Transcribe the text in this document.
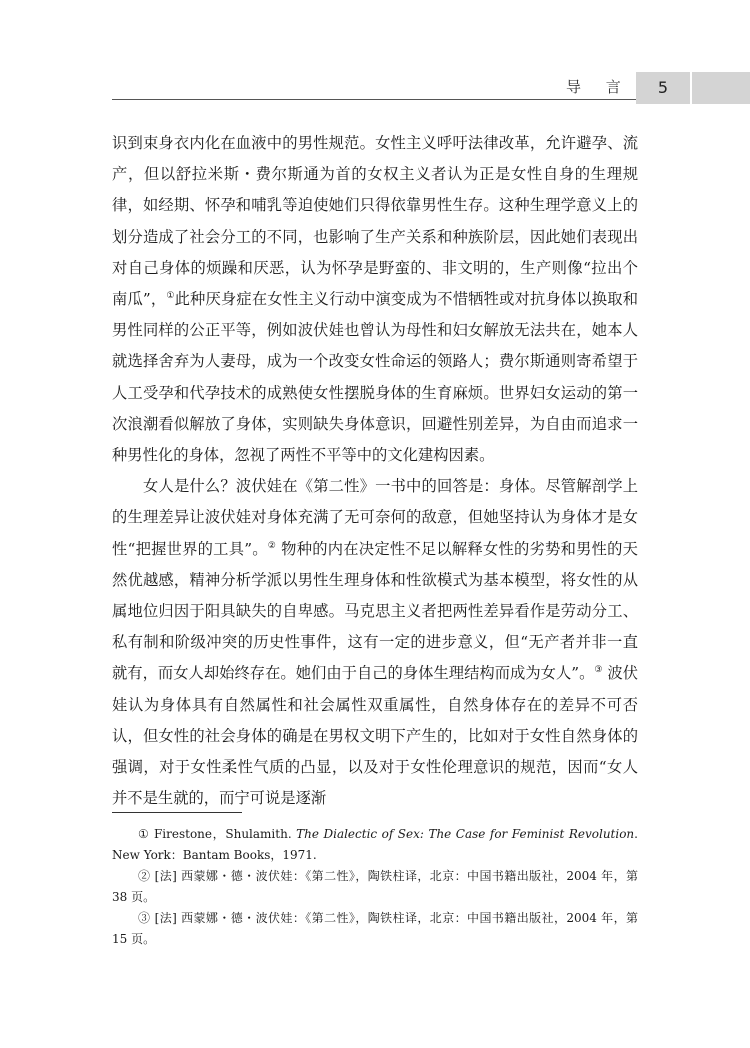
导 言	5

识到束身衣内化在血液中的男性规范。女性主义呼吁法律改革，允许避孕、流产，但以舒拉米斯・费尔斯通为首的女权主义者认为正是女性自身的生理规律，如经期、怀孕和哺乳等迫使她们只得依靠男性生存。这种生理学意义上的划分造成了社会分工的不同，也影响了生产关系和种族阶层，因此她们表现出对自己身体的烦躁和厌恶，认为怀孕是野蛮的、非文明的，生产则像“拉出个南瓜”，①此种厌身症在女性主义行动中演变成为不惜牺牲或对抗身体以换取和男性同样的公正平等，例如波伏娃也曾认为母性和妇女解放无法共在，她本人就选择舍弃为人妻母，成为一个改变女性命运的领路人；费尔斯通则寄希望于人工受孕和代孕技术的成熟使女性摆脱身体的生育麻烦。世界妇女运动的第一次浪潮看似解放了身体，实则缺失身体意识，回避性别差异，为自由而追求一种男性化的身体，忽视了两性不平等中的文化建构因素。

女人是什么？波伏娃在《第二性》一书中的回答是：身体。尽管解剖学上的生理差异让波伏娃对身体充满了无可奈何的敌意，但她坚持认为身体才是女性“把握世界的工具”。② 物种的内在决定性不足以解释女性的劣势和男性的天然优越感，精神分析学派以男性生理身体和性欲模式为基本模型，将女性的从属地位归因于阳具缺失的自卑感。马克思主义者把两性差异看作是劳动分工、私有制和阶级冲突的历史性事件，这有一定的进步意义，但“无产者并非一直就有，而女人却始终存在。她们由于自己的身体生理结构而成为女人”。③ 波伏娃认为身体具有自然属性和社会属性双重属性，自然身体存在的差异不可否认，但女性的社会身体的确是在男权文明下产生的，比如对于女性自然身体的强调，对于女性柔性气质的凸显，以及对于女性伦理意识的规范，因而“女人并不是生就的，而宁可说是逐渐

① Firestone，Shulamith. The Dialectic of Sex: The Case for Feminist Revolution. New York：Bantam Books，1971.

② [法] 西蒙娜・德・波伏娃：《第二性》，陶铁柱译，北京：中国书籍出版社，2004 年，第 38 页。

③ [法] 西蒙娜・德・波伏娃：《第二性》，陶铁柱译，北京：中国书籍出版社，2004 年，第 15 页。
